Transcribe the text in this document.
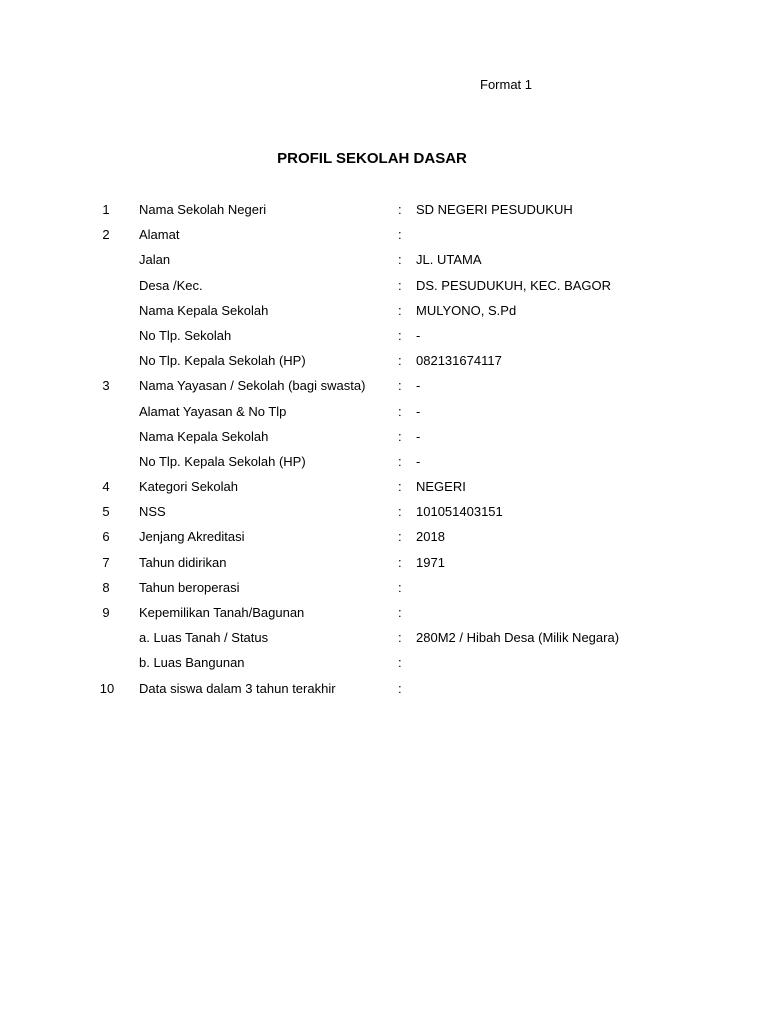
Format 1
PROFIL SEKOLAH DASAR
1	Nama Sekolah Negeri	: SD NEGERI PESUDUKUH
2	Alamat	:
Jalan	: JL. UTAMA
Desa /Kec.	: DS. PESUDUKUH, KEC. BAGOR
Nama Kepala Sekolah	: MULYONO, S.Pd
No Tlp. Sekolah	: -
No Tlp. Kepala Sekolah (HP)	: 082131674117
3	Nama Yayasan / Sekolah (bagi swasta)	: -
Alamat Yayasan & No Tlp	: -
Nama Kepala Sekolah	: -
No Tlp. Kepala Sekolah (HP)	: -
4	Kategori Sekolah	: NEGERI
5	NSS	: 101051403151
6	Jenjang Akreditasi	: 2018
7	Tahun didirikan	: 1971
8	Tahun beroperasi	:
9	Kepemilikan Tanah/Bagunan	:
a. Luas Tanah / Status	: 280M2 / Hibah Desa (Milik Negara)
b. Luas Bangunan	:
10	Data siswa dalam 3 tahun terakhir	:
